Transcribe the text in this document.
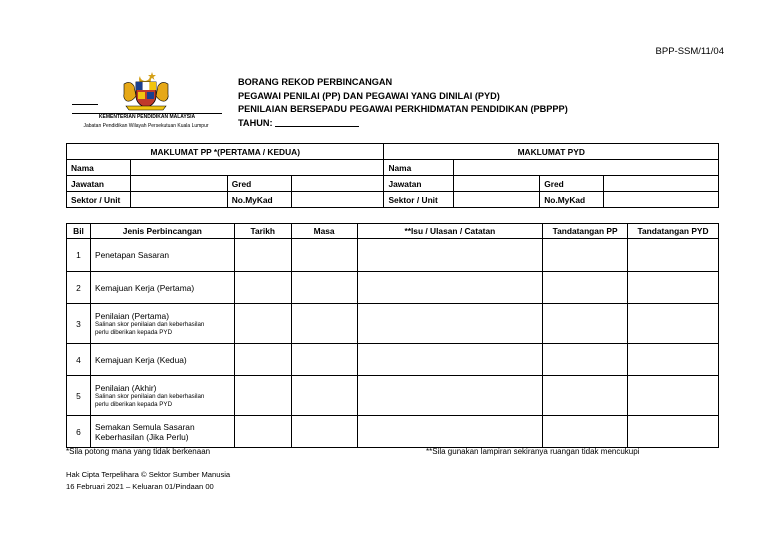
BPP-SSM/11/04
KEMENTERIAN PENDIDIKAN MALAYSIA
Jabatan Pendidikan Wilayah Persekutuan Kuala Lumpur
BORANG REKOD PERBINCANGAN
PEGAWAI PENILAI (PP) DAN PEGAWAI YANG DINILAI (PYD)
PENILAIAN BERSEPADU PEGAWAI PERKHIDMATAN PENDIDIKAN (PBPPP)
TAHUN:
MAKLUMAT PP *(PERTAMA / KEDUA)				MAKLUMAT PYD			
Nama				Nama			
Jawatan		Gred		Jawatan		Gred	
Sektor / Unit		No.MyKad		Sektor / Unit		No.MyKad	
Bil	Jenis Perbincangan	Tarikh	Masa	**Isu / Ulasan / Catatan	Tandatangan PP	Tandatangan PYD
1	Penetapan Sasaran					
2	Kemajuan Kerja (Pertama)					
3	Penilaian (Pertama)
Salinan skor penilaian dan keberhasilan
perlu diberikan kepada PYD					

4	Kemajuan Kerja (Kedua)					
5	Penilaian (Akhir)
Salinan skor penilaian dan keberhasilan
perlu diberikan kepada PYD					

6	Semakan Semula Sasaran
Keberhasilan (Jika Perlu)					

*Sila potong mana yang tidak berkenaan	**Sila gunakan lampiran sekiranya ruangan tidak mencukupi
Hak Cipta Terpelihara © Sektor Sumber Manusia
16 Februari 2021 – Keluaran 01/Pindaan 00
